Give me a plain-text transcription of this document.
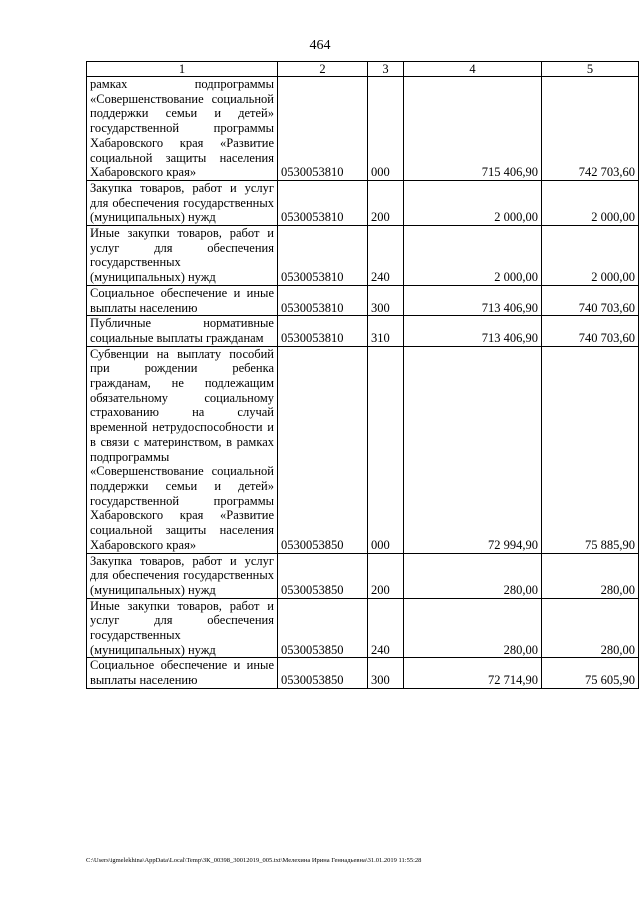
464
1	2	3	4	5
рамках подпрограммы «Совершенствование социальной поддержки семьи и детей» государственной программы Хабаровского края «Развитие социальной защиты населения Хабаровского края»	0530053810	000	715 406,90	742 703,60
Закупка товаров, работ и услуг для обеспечения государственных (муниципальных) нужд	0530053810	200	2 000,00	2 000,00
Иные закупки товаров, работ и услуг для обеспечения государственных (муниципальных) нужд	0530053810	240	2 000,00	2 000,00
Социальное обеспечение и иные выплаты населению	0530053810	300	713 406,90	740 703,60
Публичные нормативные социальные выплаты гражданам	0530053810	310	713 406,90	740 703,60
Субвенции на выплату пособий при рождении ребенка гражданам, не подлежащим обязательному социальному страхованию на случай временной нетрудоспособности и в связи с материнством, в рамках подпрограммы «Совершенствование социальной поддержки семьи и детей» государственной программы Хабаровского края «Развитие социальной защиты населения Хабаровского края»	0530053850	000	72 994,90	75 885,90
Закупка товаров, работ и услуг для обеспечения государственных (муниципальных) нужд	0530053850	200	280,00	280,00
Иные закупки товаров, работ и услуг для обеспечения государственных (муниципальных) нужд	0530053850	240	280,00	280,00
Социальное обеспечение и иные выплаты населению	0530053850	300	72 714,90	75 605,90
C:\Users\igmelekhina\AppData\Local\Temp\ЗК_00398_30012019_005.txt\Мелехина Ирина Геннадьевна\31.01.2019 11:55:28
